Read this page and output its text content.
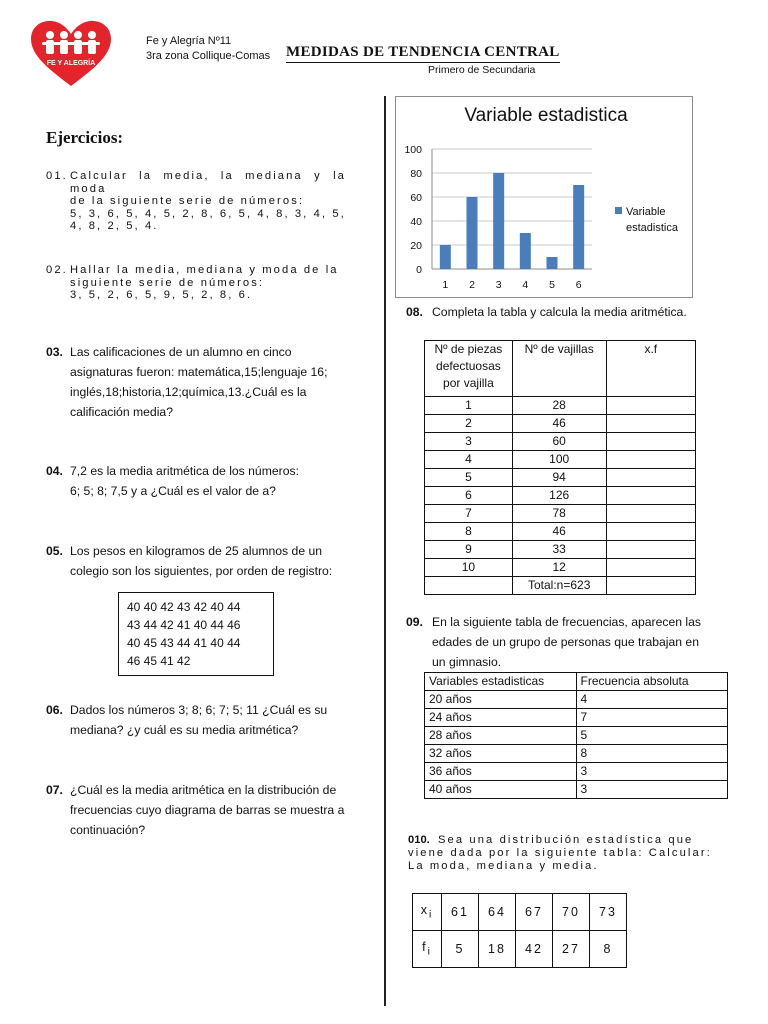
FE Y ALEGRÍA
Fe y Alegría Nº11
3ra zona Collique-Comas MEDIDAS DE TENDENCIA CENTRAL
Primero de Secundaria
Ejercicios:
01. Calcular la media, la mediana y la moda
de la siguiente serie de números:
5, 3, 6, 5, 4, 5, 2, 8, 6, 5, 4, 8, 3, 4, 5,
4, 8, 2, 5, 4.
02. Hallar la media, mediana y moda de la
siguiente serie de números:
3, 5, 2, 6, 5, 9, 5, 2, 8, 6.
03. Las calificaciones de un alumno en cinco
asignaturas fueron: matemática,15;lenguaje 16;
inglés,18;historia,12;química,13.¿Cuál es la
calificación media?
04. 7,2 es la media aritmética de los números:
6; 5; 8; 7,5 y a ¿Cuál es el valor de a?
05. Los pesos en kilogramos de 25 alumnos de un
colegio son los siguientes, por orden de registro:
40 40 42 43 42 40 44
43 44 42 41 40 44 46
40 45 43 44 41 40 44
46 45 41 42
06. Dados los números 3; 8; 6; 7; 5; 11 ¿Cuál es su
mediana? ¿y cuál es su media aritmética?
07. ¿Cuál es la media aritmética en la distribución de
frecuencias cuyo diagrama de barras se muestra a
continuación?
Variable estadistica
0
20
40
60
80
100
1 2 3 4 5 6
Variable
estadistica
08. Completa la tabla y calcula la media aritmética.
Nº de piezas
defectuosas
por vajilla	Nº de vajillas	x.f

1	28	
2	46	
3	60	
4	100	
5	94	
6	126	
7	78	
8	46	
9	33	
10	12	
	Total:n=623	
09. En la siguiente tabla de frecuencias, aparecen las
edades de un grupo de personas que trabajan en
un gimnasio.
Variables estadisticas	Frecuencia absoluta
20 años	4
24 años	7
28 años	5
32 años	8
36 años	3
40 años	3
010. Sea una distribución estadística que
viene dada por la siguiente tabla: Calcular:
La moda, mediana y media.
$x_i$	61	64	67	70	73
$f_i$	5	18	42	27	8
